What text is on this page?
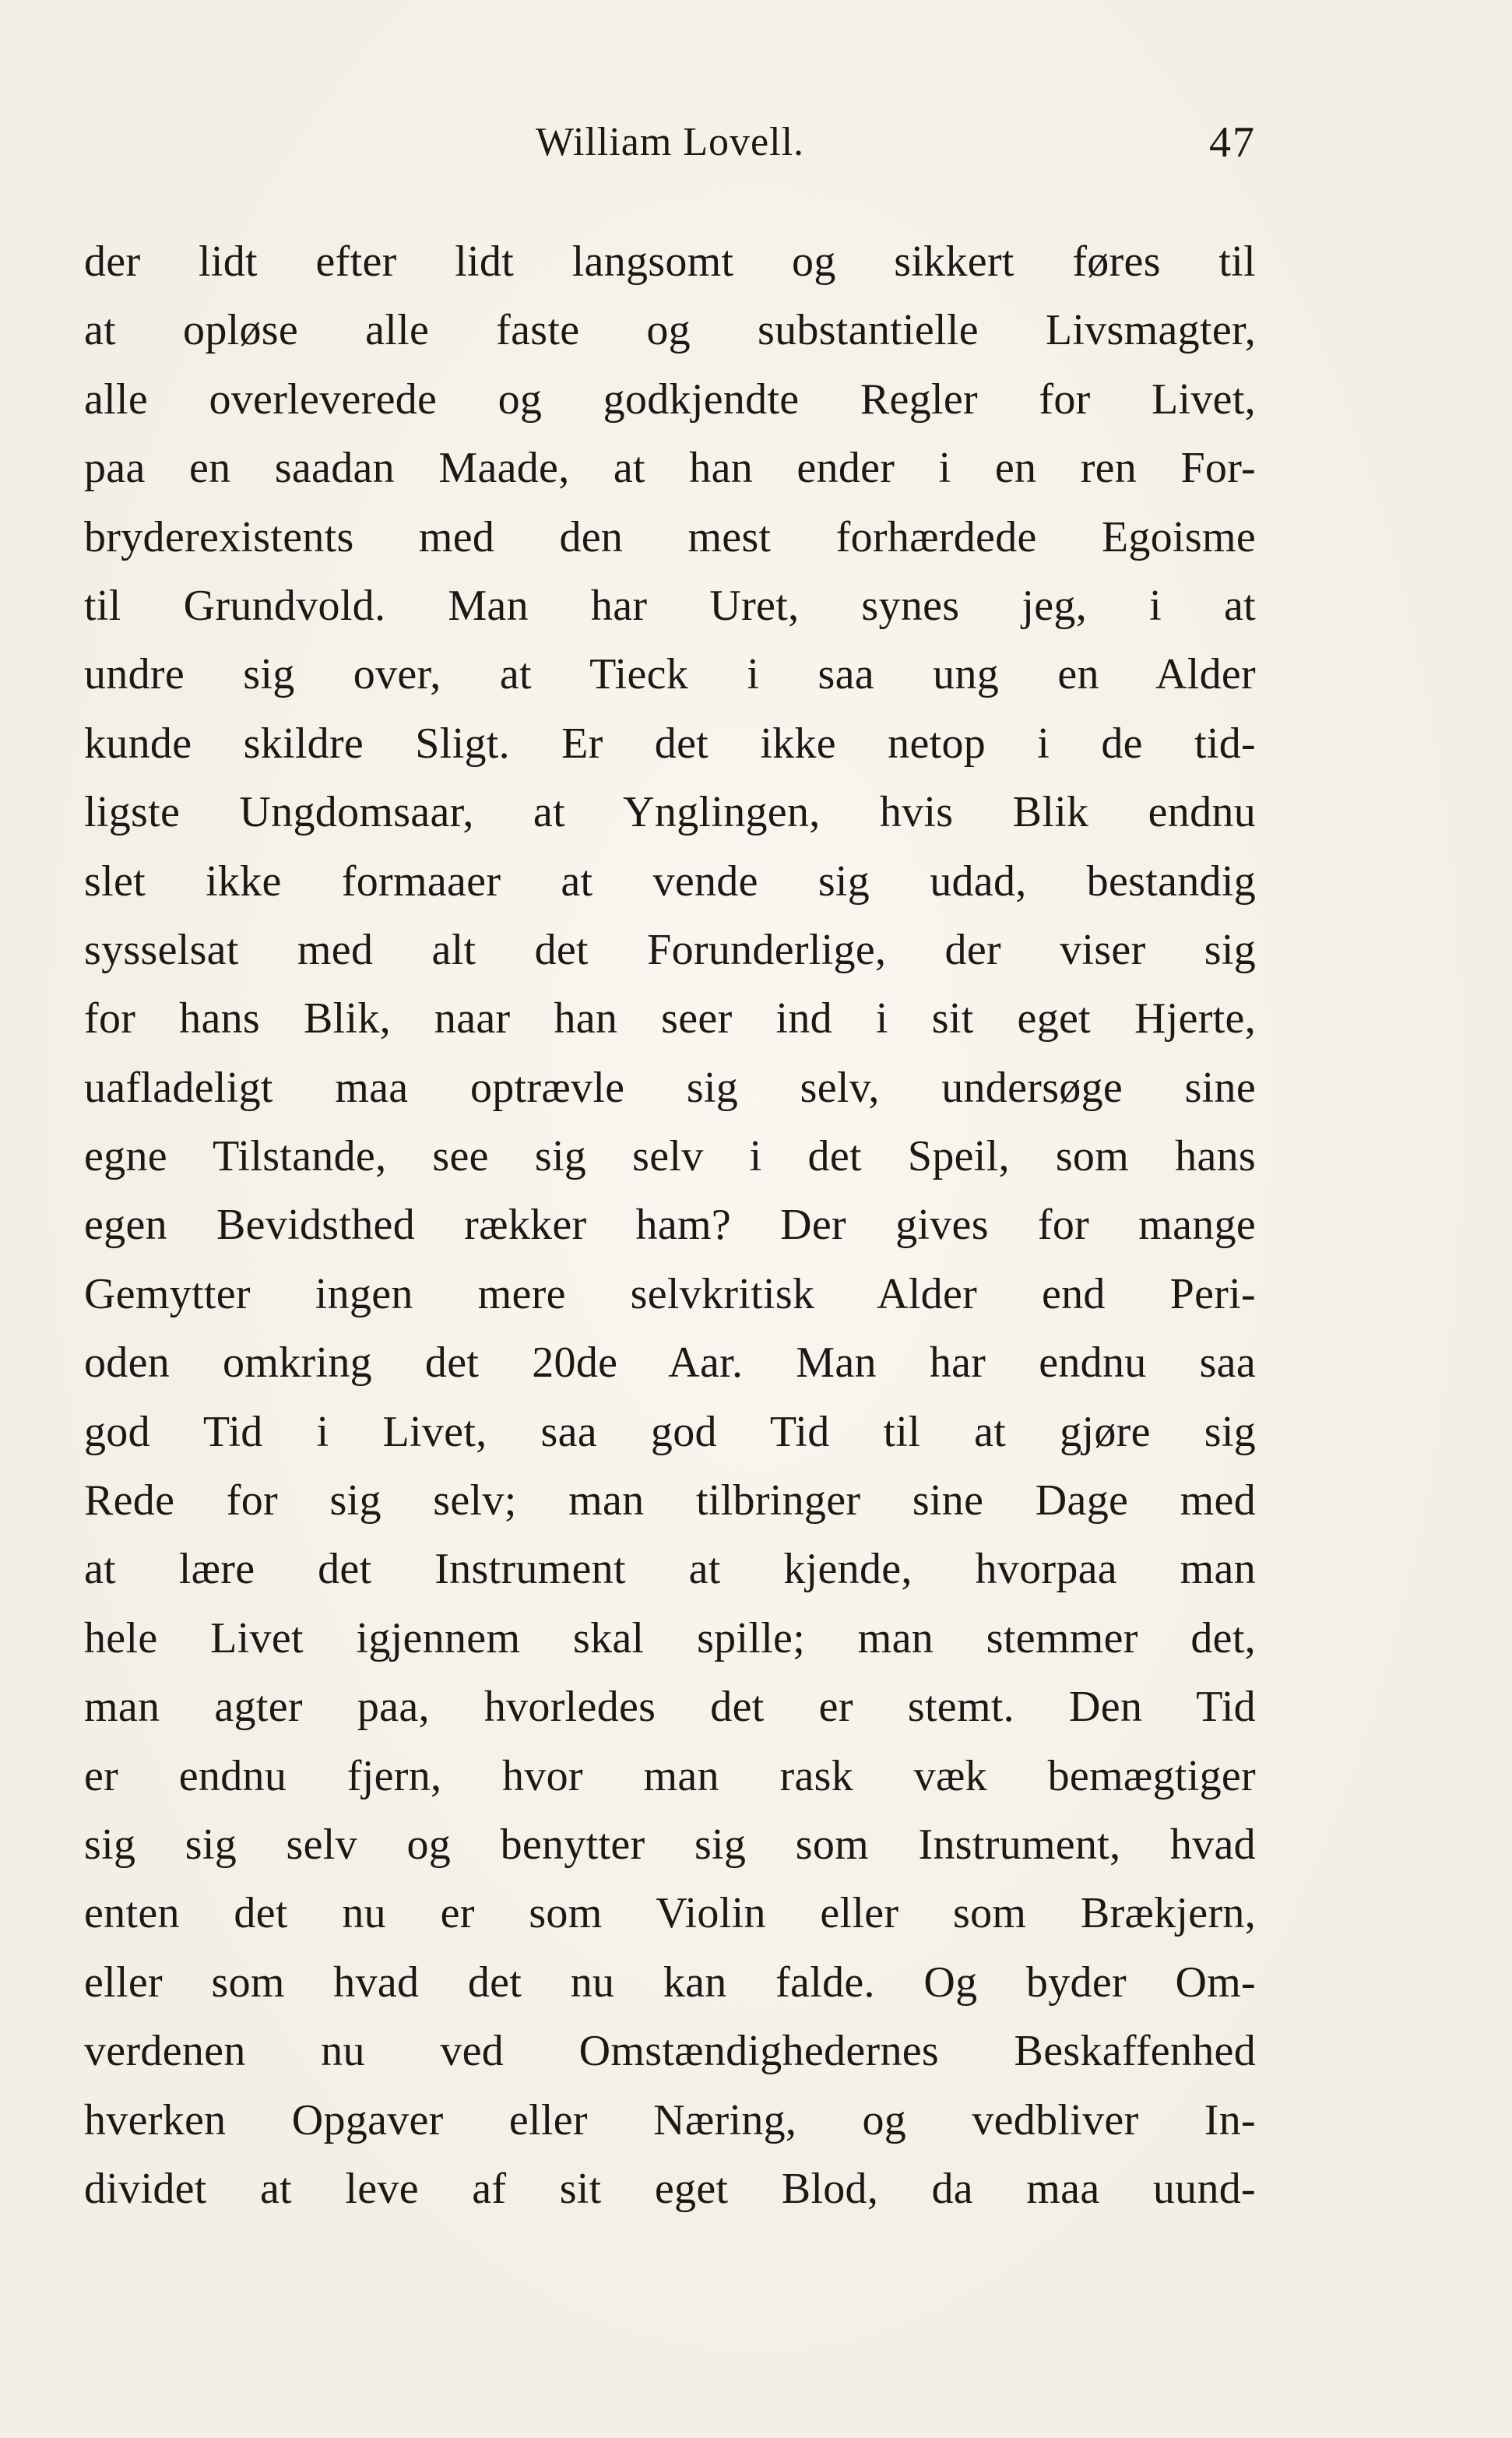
William Lovell.	47
der lidt efter lidt langsomt og sikkert føres til
at opløse alle faste og substantielle Livsmagter,
alle overleverede og godkjendte Regler for Livet,
paa en saadan Maade, at han ender i en ren For-
bryderexistents med den mest forhærdede Egoisme
til Grundvold. Man har Uret, synes jeg, i at
undre sig over, at Tieck i saa ung en Alder
kunde skildre Sligt. Er det ikke netop i de tid-
ligste Ungdomsaar, at Ynglingen, hvis Blik endnu
slet ikke formaaer at vende sig udad, bestandig
sysselsat med alt det Forunderlige, der viser sig
for hans Blik, naar han seer ind i sit eget Hjerte,
uafladeligt maa optrævle sig selv, undersøge sine
egne Tilstande, see sig selv i det Speil, som hans
egen Bevidsthed rækker ham? Der gives for mange
Gemytter ingen mere selvkritisk Alder end Peri-
oden omkring det 20de Aar. Man har endnu saa
god Tid i Livet, saa god Tid til at gjøre sig
Rede for sig selv; man tilbringer sine Dage med
at lære det Instrument at kjende, hvorpaa man
hele Livet igjennem skal spille; man stemmer det,
man agter paa, hvorledes det er stemt. Den Tid
er endnu fjern, hvor man rask væk bemægtiger
sig sig selv og benytter sig som Instrument, hvad
enten det nu er som Violin eller som Brækjern,
eller som hvad det nu kan falde. Og byder Om-
verdenen nu ved Omstændighedernes Beskaffenhed
hverken Opgaver eller Næring, og vedbliver In-
dividet at leve af sit eget Blod, da maa uund-
